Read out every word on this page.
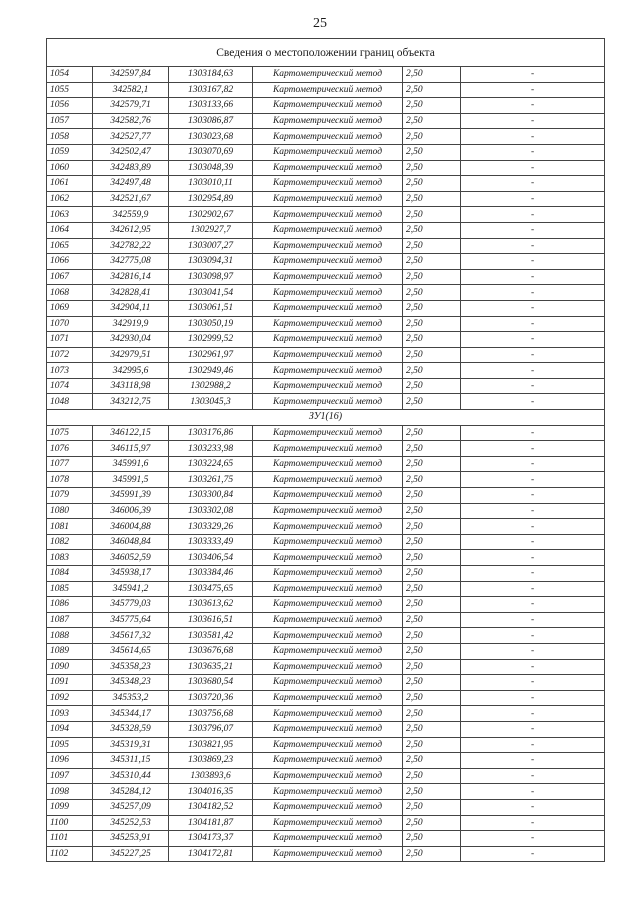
25
Сведения о местоположении границ объекта					
1054	342597,84	1303184,63	Картометрический метод	2,50	-
1055	342582,1	1303167,82	Картометрический метод	2,50	-
1056	342579,71	1303133,66	Картометрический метод	2,50	-
1057	342582,76	1303086,87	Картометрический метод	2,50	-
1058	342527,77	1303023,68	Картометрический метод	2,50	-
1059	342502,47	1303070,69	Картометрический метод	2,50	-
1060	342483,89	1303048,39	Картометрический метод	2,50	-
1061	342497,48	1303010,11	Картометрический метод	2,50	-
1062	342521,67	1302954,89	Картометрический метод	2,50	-
1063	342559,9	1302902,67	Картометрический метод	2,50	-
1064	342612,95	1302927,7	Картометрический метод	2,50	-
1065	342782,22	1303007,27	Картометрический метод	2,50	-
1066	342775,08	1303094,31	Картометрический метод	2,50	-
1067	342816,14	1303098,97	Картометрический метод	2,50	-
1068	342828,41	1303041,54	Картометрический метод	2,50	-
1069	342904,11	1303061,51	Картометрический метод	2,50	-
1070	342919,9	1303050,19	Картометрический метод	2,50	-
1071	342930,04	1302999,52	Картометрический метод	2,50	-
1072	342979,51	1302961,97	Картометрический метод	2,50	-
1073	342995,6	1302949,46	Картометрический метод	2,50	-
1074	343118,98	1302988,2	Картометрический метод	2,50	-
1048	343212,75	1303045,3	Картометрический метод	2,50	-
ЗУ1(16)					
1075	346122,15	1303176,86	Картометрический метод	2,50	-
1076	346115,97	1303233,98	Картометрический метод	2,50	-
1077	345991,6	1303224,65	Картометрический метод	2,50	-
1078	345991,5	1303261,75	Картометрический метод	2,50	-
1079	345991,39	1303300,84	Картометрический метод	2,50	-
1080	346006,39	1303302,08	Картометрический метод	2,50	-
1081	346004,88	1303329,26	Картометрический метод	2,50	-
1082	346048,84	1303333,49	Картометрический метод	2,50	-
1083	346052,59	1303406,54	Картометрический метод	2,50	-
1084	345938,17	1303384,46	Картометрический метод	2,50	-
1085	345941,2	1303475,65	Картометрический метод	2,50	-
1086	345779,03	1303613,62	Картометрический метод	2,50	-
1087	345775,64	1303616,51	Картометрический метод	2,50	-
1088	345617,32	1303581,42	Картометрический метод	2,50	-
1089	345614,65	1303676,68	Картометрический метод	2,50	-
1090	345358,23	1303635,21	Картометрический метод	2,50	-
1091	345348,23	1303680,54	Картометрический метод	2,50	-
1092	345353,2	1303720,36	Картометрический метод	2,50	-
1093	345344,17	1303756,68	Картометрический метод	2,50	-
1094	345328,59	1303796,07	Картометрический метод	2,50	-
1095	345319,31	1303821,95	Картометрический метод	2,50	-
1096	345311,15	1303869,23	Картометрический метод	2,50	-
1097	345310,44	1303893,6	Картометрический метод	2,50	-
1098	345284,12	1304016,35	Картометрический метод	2,50	-
1099	345257,09	1304182,52	Картометрический метод	2,50	-
1100	345252,53	1304181,87	Картометрический метод	2,50	-
1101	345253,91	1304173,37	Картометрический метод	2,50	-
1102	345227,25	1304172,81	Картометрический метод	2,50	-
